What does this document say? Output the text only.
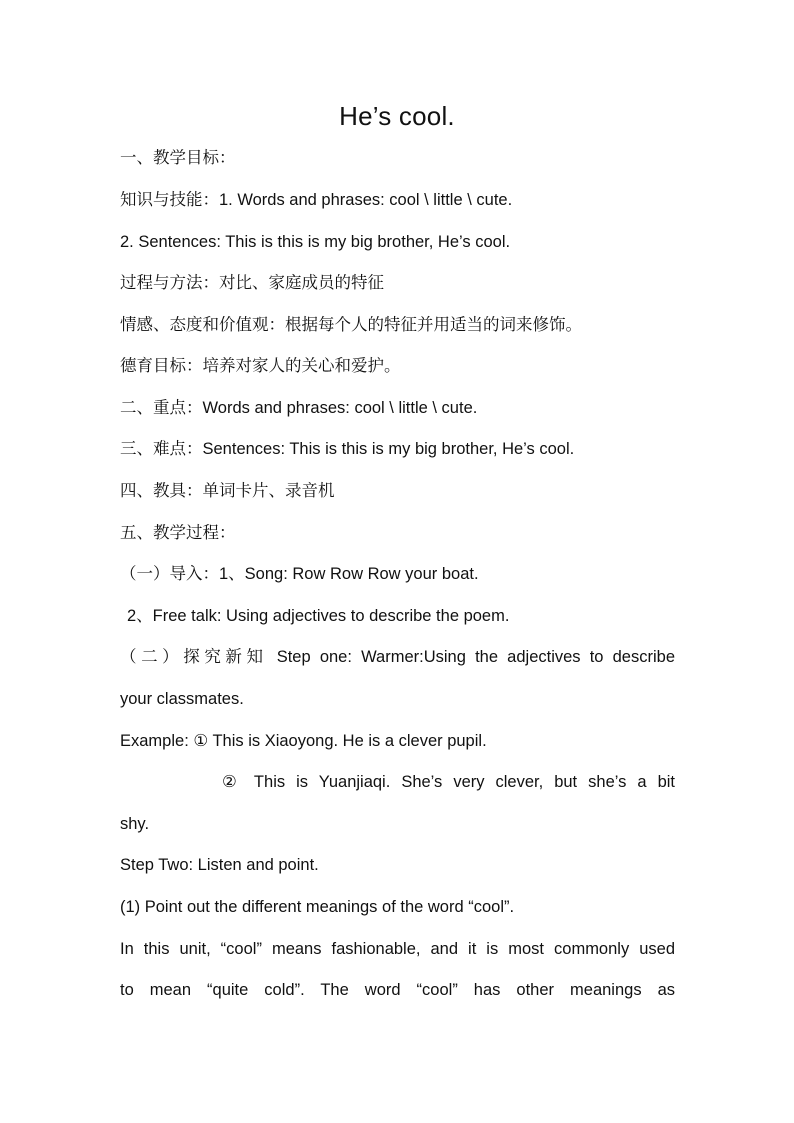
He’s cool.
一、教学目标：
知识与技能：1. Words and phrases: cool \ little \ cute.
2. Sentences: This is this is my big brother, He’s cool.
过程与方法：对比、家庭成员的特征
情感、态度和价值观：根据每个人的特征并用适当的词来修饰。
德育目标：培养对家人的关心和爱护。
二、重点：Words and phrases: cool \ little \ cute.
三、难点：Sentences: This is this is my big brother, He’s cool.
四、教具：单词卡片、录音机
五、教学过程：
（一）导入：1、Song: Row Row Row your boat.
2、Free talk: Using adjectives to describe the poem.
（二）探究新知 Step one: Warmer:Using the adjectives to describe
your classmates.
Example: ① This is Xiaoyong. He is a clever pupil.
② This is Yuanjiaqi. She’s very clever, but she’s a bit
shy.
Step Two: Listen and point.
(1) Point out the different meanings of the word “cool”.
In this unit, “cool” means fashionable, and it is most commonly used
to mean “quite cold”. The word “cool” has other meanings as
